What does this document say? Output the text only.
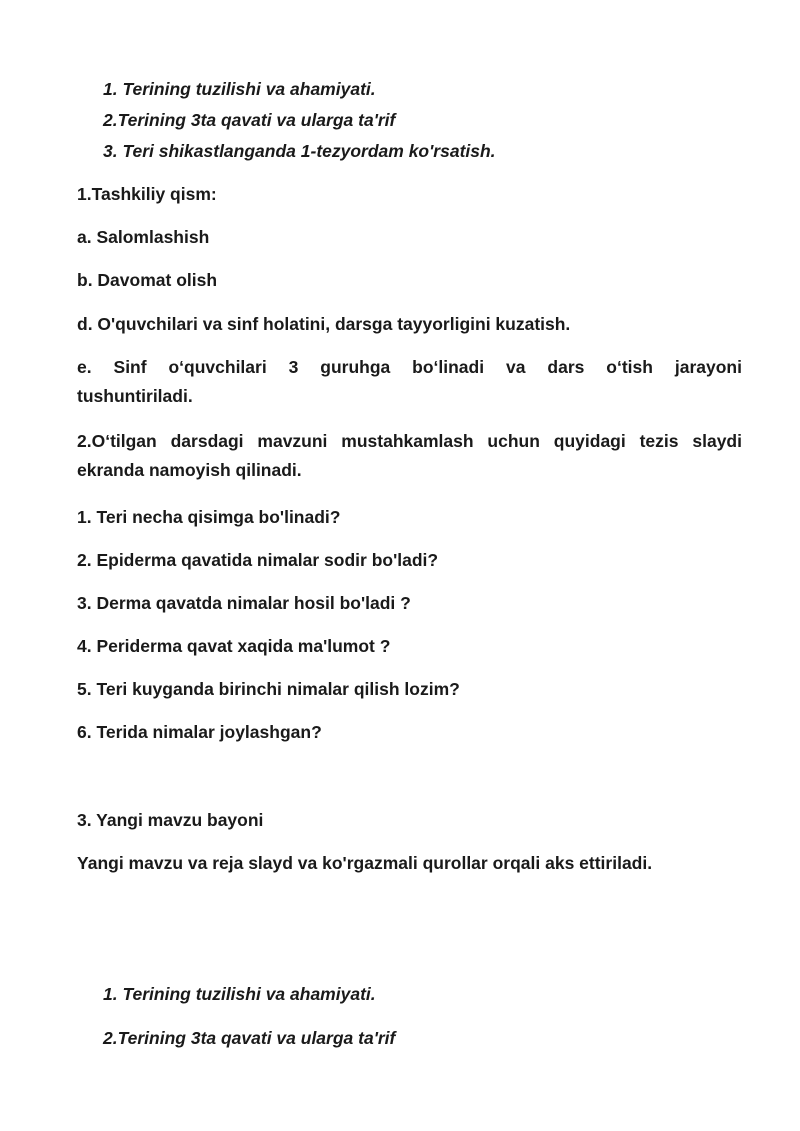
1. Terining tuzilishi va ahamiyati.
2.Terining 3ta qavati va ularga ta'rif
3. Teri shikastlanganda 1-tezyordam ko'rsatish.
1.Tashkiliy qism:
a. Salomlashish
b. Davomat olish
d. O'quvchilari va sinf holatini, darsga tayyorligini kuzatish.
e. Sinf o‘quvchilari 3 guruhga bo‘linadi va dars o‘tish jarayoni
tushuntiriladi.
2.O‘tilgan darsdagi mavzuni mustahkamlash uchun quyidagi tezis slaydi ekranda namoyish qilinadi.
1. Teri necha qisimga bo'linadi?
2. Epiderma qavatida nimalar sodir bo'ladi?
3. Derma qavatda nimalar hosil bo'ladi ?
4. Periderma qavat xaqida ma'lumot ?
5. Teri kuyganda birinchi nimalar qilish lozim?
6. Terida nimalar joylashgan?
3. Yangi mavzu bayoni
Yangi mavzu va reja slayd va ko'rgazmali qurollar orqali aks ettiriladi.
1. Terining tuzilishi va ahamiyati.
2.Terining 3ta qavati va ularga ta'rif
